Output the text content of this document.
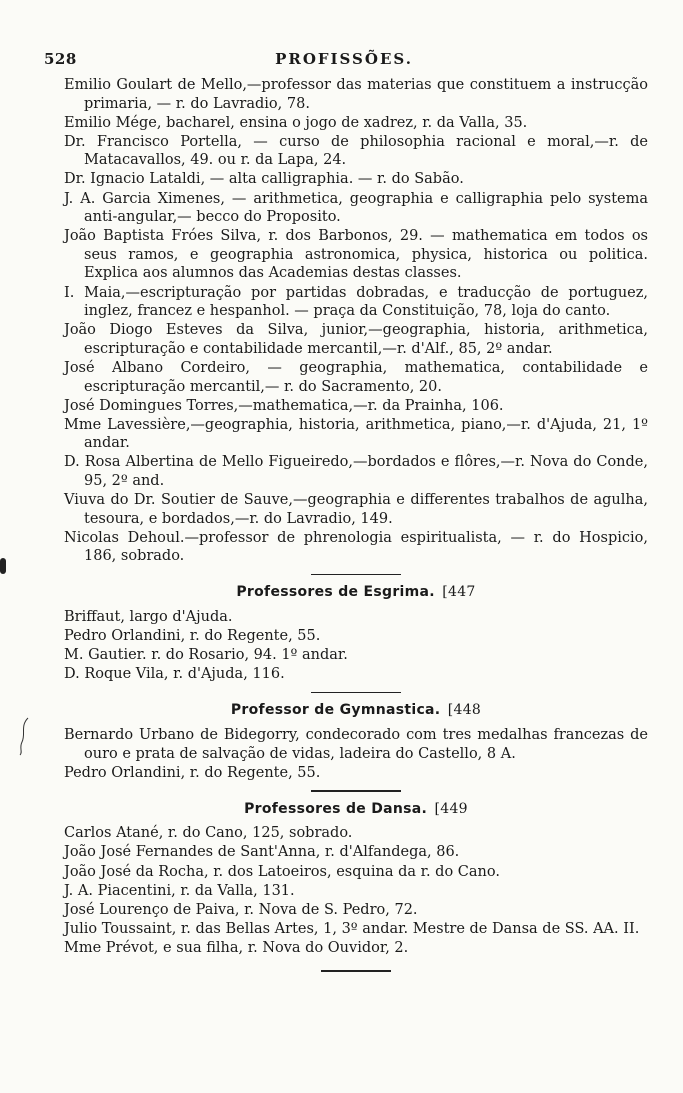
528	PROFISSÕES.

Emilio Goulart de Mello,—professor das materias que constituem a instrucção primaria, — r. do Lavradio, 78.

Emilio Mége, bacharel, ensina o jogo de xadrez, r. da Valla, 35.

Dr. Francisco Portella, — curso de philosophia racional e moral,—r. de Matacavallos, 49. ou r. da Lapa, 24.

Dr. Ignacio Lataldi, — alta calligraphia. — r. do Sabão.

J. A. Garcia Ximenes, — arithmetica, geographia e calligraphia pelo systema anti-angular,— becco do Proposito.

João Baptista Fróes Silva, r. dos Barbonos, 29. — mathematica em todos os seus ramos, e geographia astronomica, physica, historica ou politica. Explica aos alumnos das Academias destas classes.

I. Maia,—escripturação por partidas dobradas, e traducção de portuguez, inglez, francez e hespanhol. — praça da Constituição, 78, loja do canto.

João Diogo Esteves da Silva, junior,—geographia, historia, arithmetica, escripturação e contabilidade mercantil,—r. d'Alf., 85, 2º andar.

José Albano Cordeiro, — geographia, mathematica, contabilidade e escripturação mercantil,— r. do Sacramento, 20.

José Domingues Torres,—mathematica,—r. da Prainha, 106.

Mme Lavessière,—geographia, historia, arithmetica, piano,—r. d'Ajuda, 21, 1º andar.

D. Rosa Albertina de Mello Figueiredo,—bordados e flôres,—r. Nova do Conde, 95, 2º and.

Viuva do Dr. Soutier de Sauve,—geographia e differentes trabalhos de agulha, tesoura, e bordados,—r. do Lavradio, 149.

Nicolas Dehoul.—professor de phrenologia espiritualista, — r. do Hospicio, 186, sobrado.

Professores de Esgrima.  [447

Briffaut, largo d'Ajuda.

Pedro Orlandini, r. do Regente, 55.

M. Gautier. r. do Rosario, 94. 1º andar.

D. Roque Vila, r. d'Ajuda, 116.

Professor de Gymnastica.  [448

Bernardo Urbano de Bidegorry, condecorado com tres medalhas francezas de ouro e prata de salvação de vidas, ladeira do Castello, 8 A.

Pedro Orlandini, r. do Regente, 55.

Professores de Dansa.  [449

Carlos Atané, r. do Cano, 125, sobrado.

João José Fernandes de Sant'Anna, r. d'Alfandega, 86.

João José da Rocha, r. dos Latoeiros, esquina da r. do Cano.

J. A. Piacentini, r. da Valla, 131.

José Lourenço de Paiva, r. Nova de S. Pedro, 72.

Julio Toussaint, r. das Bellas Artes, 1, 3º andar. Mestre de Dansa de SS. AA. II.

Mme Prévot, e sua filha, r. Nova do Ouvidor, 2.
